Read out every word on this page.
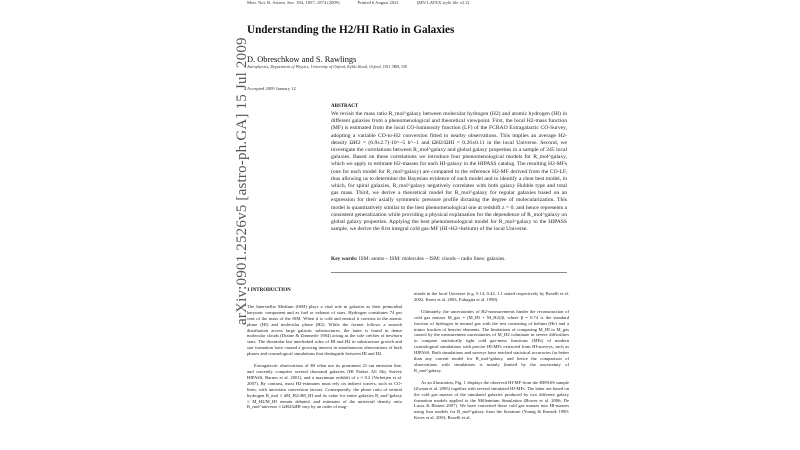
arXiv:0901.2526v5 [astro-ph.GA] 15 Jul 2009
Mon. Not. R. Astron. Soc. 394, 1857–1874 (2009)	Printed 6 August 2021	(MN LATEX style file v2.2)
Understanding the H2/HI Ratio in Galaxies
D. Obreschkow and S. Rawlings
Astrophysics, Department of Physics, University of Oxford, Keble Road, Oxford, OX1 3RH, UK
Accepted 2009 January 12
ABSTRACT
We revisit the mass ratio R_mol^galaxy between molecular hydrogen (H2) and atomic hydrogen (HI) in different galaxies from a phenomenological and theoretical viewpoint. First, the local H2-mass function (MF) is estimated from the local CO-luminosity function (LF) of the FCRAO Extragalactic CO-Survey, adopting a variable CO-to-H2 conversion fitted to nearby observations. This implies an average H2-density ΩH2 = (6.9±2.7)·10^−5 h^−1 and ΩH2/ΩHI = 0.26±0.11 in the local Universe. Second, we investigate the correlations between R_mol^galaxy and global galaxy properties in a sample of 245 local galaxies. Based on these correlations we introduce four phenomenological models for R_mol^galaxy, which we apply to estimate H2-masses for each HI-galaxy in the HIPASS catalog. The resulting H2-MFs (one for each model for R_mol^galaxy) are compared to the reference H2-MF derived from the CO-LF, thus allowing us to determine the Bayesian evidence of each model and to identify a clear best model, in which, for spiral galaxies, R_mol^galaxy negatively correlates with both galaxy Hubble type and total gas mass. Third, we derive a theoretical model for R_mol^galaxy for regular galaxies based on an expression for their axially symmetric pressure profile dictating the degree of molecularization. This model is quantitatively similar to the best phenomenological one at redshift z = 0, and hence represents a consistent generalization while providing a physical explanation for the dependence of R_mol^galaxy on global galaxy properties. Applying the best phenomenological model for R_mol^galaxy to the HIPASS sample, we derive the first integral cold gas-MF (HI+H2+helium) of the local Universe.
Key words: ISM: atoms – ISM: molecules – ISM: clouds – radio lines: galaxies.
1 INTRODUCTION

The Interstellar Medium (ISM) plays a vital role in galaxies as their primordial baryonic component and as fuel or exhaust of stars. Hydrogen constitutes 74 per cent of the mass of the ISM. When it is cold and neutral it coexists in the atomic phase (HI) and molecular phase (H2). While the former follows a smooth distribution across large galactic substructures, the latter is found in dense molecular clouds (Draine & Zimmerle 1984) acting as the sole crèches of newborn stars. The dissimilar but interlinked roles of HI and H2 in substructure growth and star formation have caused a growing interest in simultaneous observations of both phases and cosmological simulations that distinguish between HI and H2.

Extragalactic observations of HI often use its prominent 21-cm emission line, and currently comprise several thousand galaxies (HI Parkes All Sky Survey HIPASS, Barnes et al. 2001), and a maximum redshift of z ≈ 0.2 (Verheijen et al. 2007). By contrast, most H2-estimates must rely on indirect tracers, such as CO-lines, with uncertain conversion factors. Consequently, the phase ratio of neutral hydrogen R_mol ≡ dM_H2/dM_HI and its value for entire galaxies R_mol^galaxy ≡ M_H2/M_HI remain debated, and estimates of the universal density ratio R_mol^universe ≡ ΩH2/ΩHI vary by an order of mag-

nitude in the local Universe (e.g. 0.14, 0.42, 1.1 stated respectively by Boselli et al. 2002, Keres et al. 2003, Fukugita et al. 1998).

Ultimately, the uncertainties of H2-measurements hinder the reconstruction of cold gas masses M_gas = (M_HI + M_H2)/β, where β = 0.74 is the standard fraction of hydrogen in neutral gas with the rest consisting of helium (He) and a minor fraction of heavier elements. The limitations of comparing M_HI to M_gas caused by the measurement uncertainties of M_H2 culminate in severe difficulties to compare statistically tight cold gas-mass functions (MFs) of modern cosmological simulations with precise HI-MFs extracted from HI-surveys, such as HIPASS. Both simulations and surveys have reached statistical accuracies far better than any current model for R_mol^galaxy, and hence the comparison of observations with simulations is mainly limited by the uncertainty of R_mol^galaxy.

As an illustration, Fig. 1 displays the observed HI-MF from the HIPASS sample (Zwaan et al. 2005) together with several simulated HI-MFs. The latter are based on the cold gas masses of the simulated galaxies produced by two different galaxy formation models applied to the Millennium Simulation (Bower et al. 2006; De Lucia & Blaizot 2007). We have converted those cold gas masses into HI-masses using four models for R_mol^galaxy from the literature (Young & Knezek 1989; Keres et al. 2003; Boselli et al.
